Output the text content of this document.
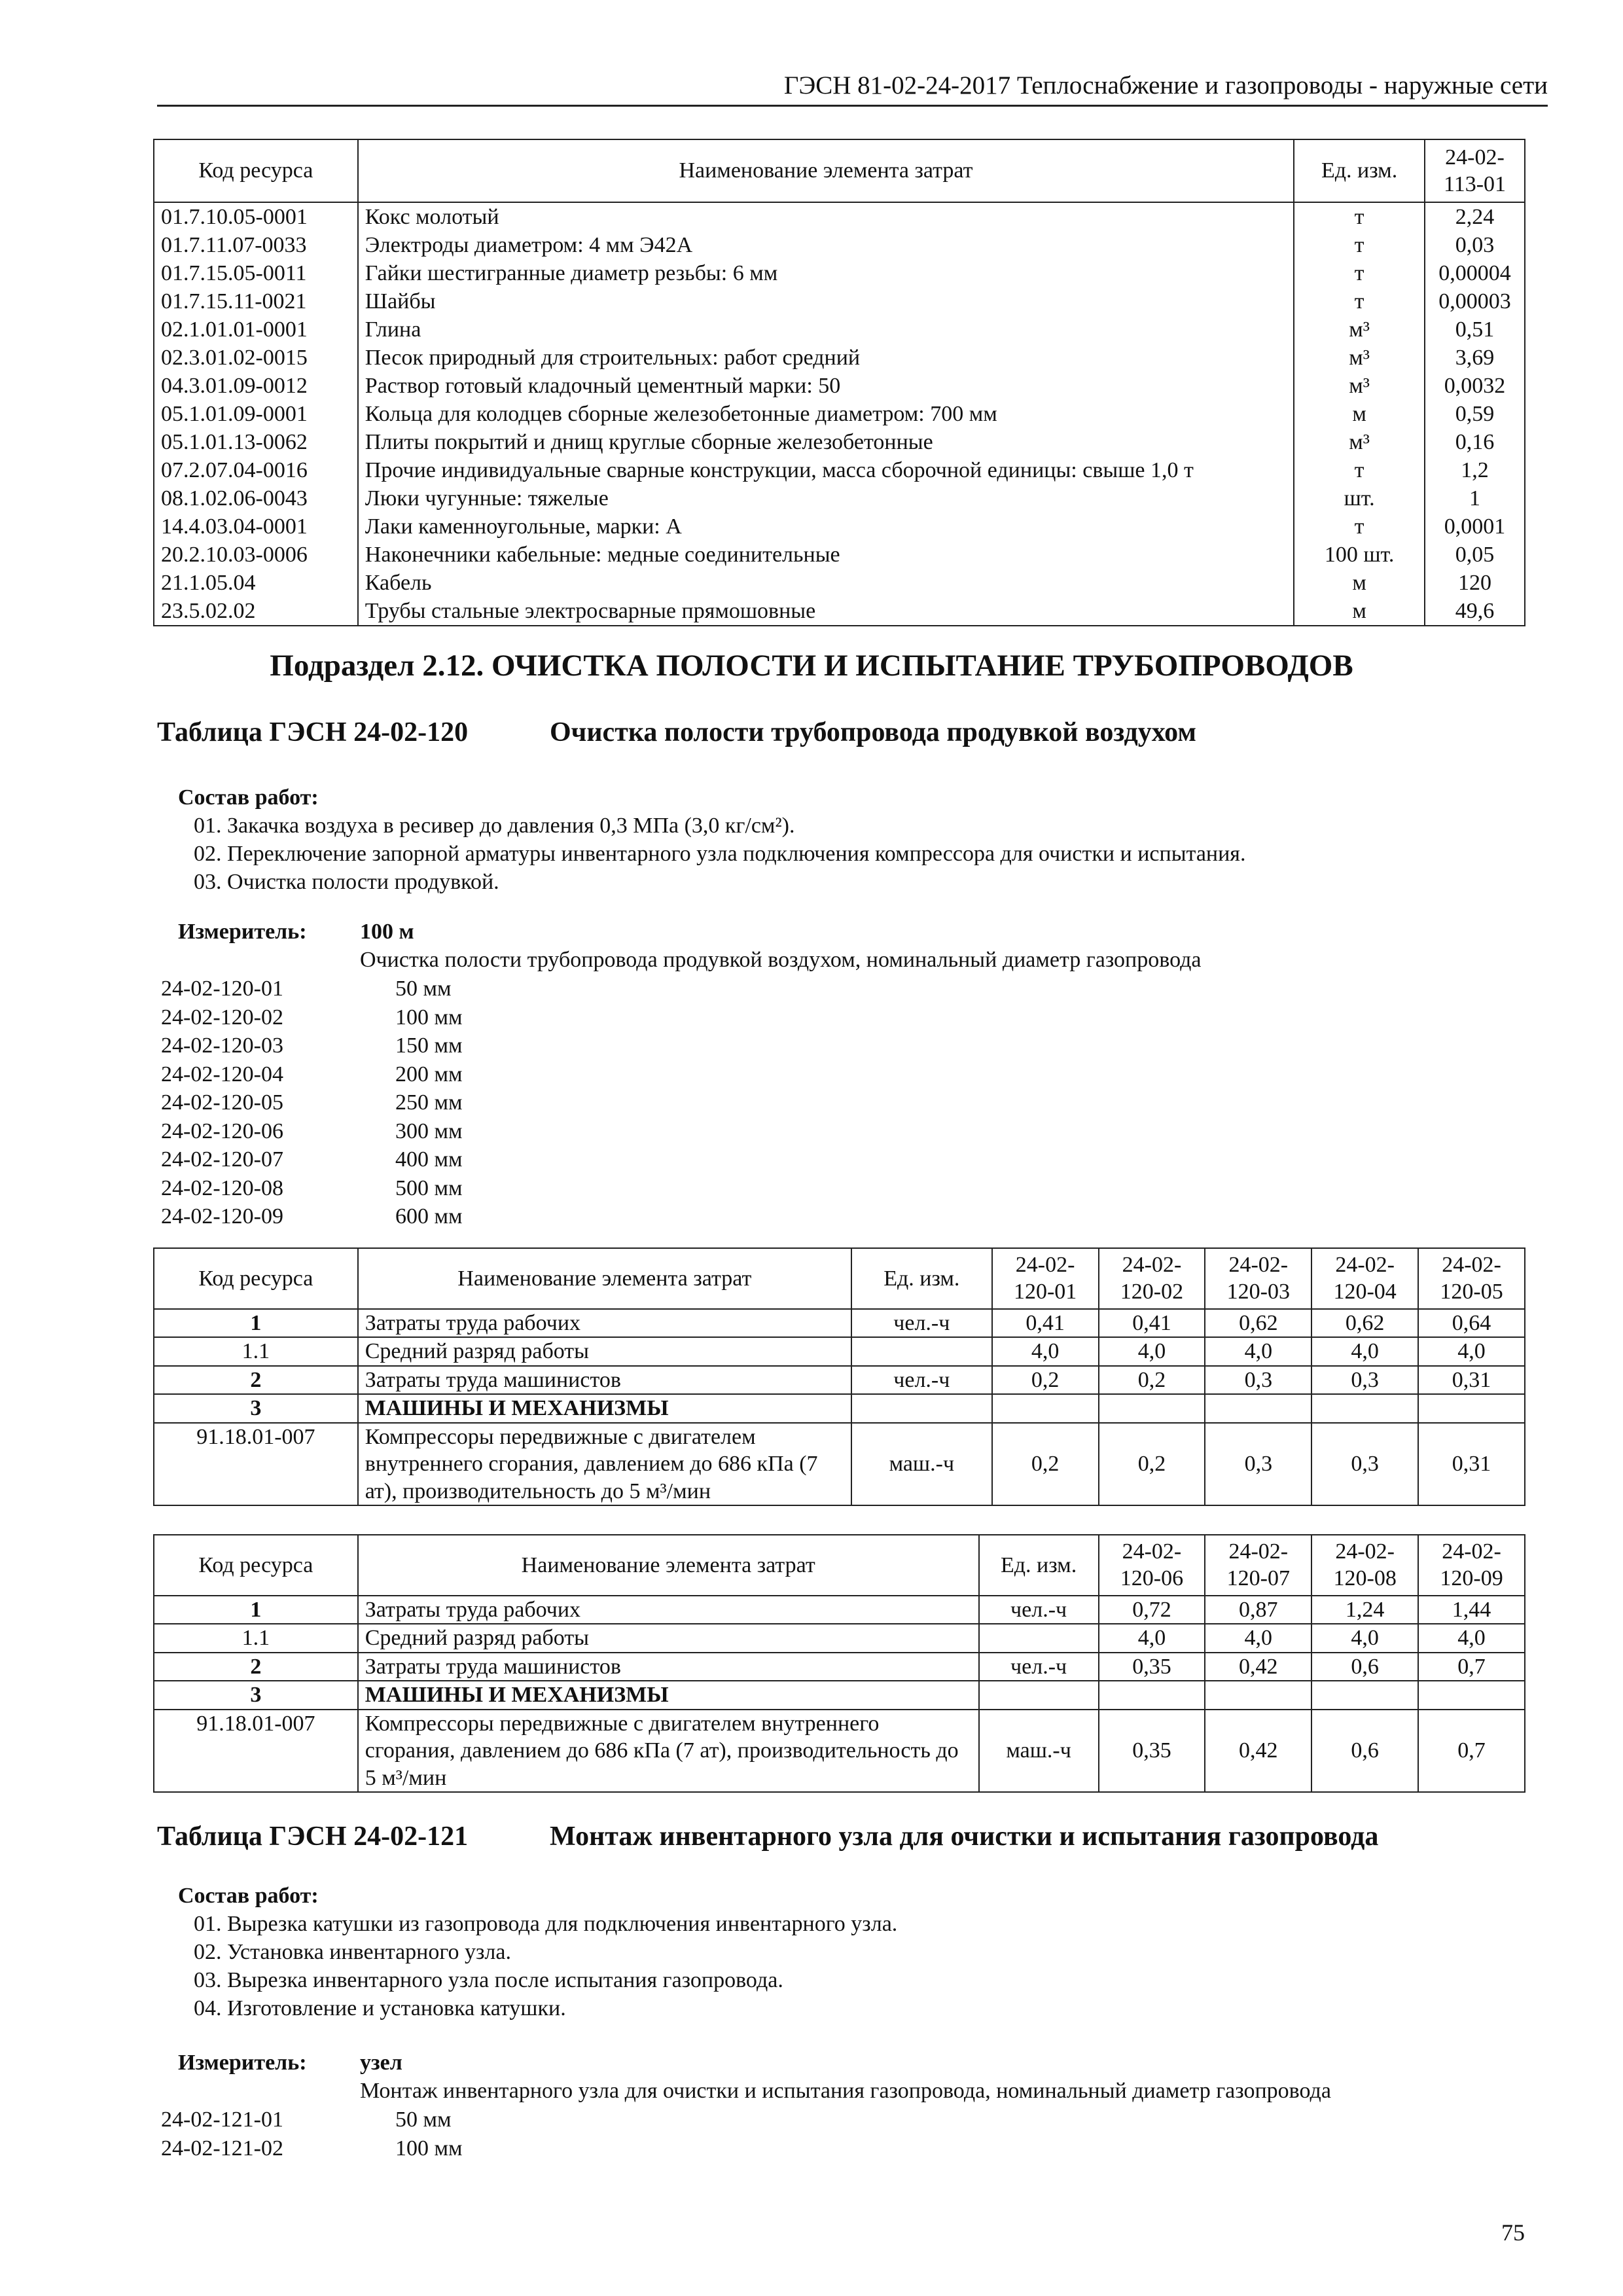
ГЭСН 81-02-24-2017 Теплоснабжение и газопроводы - наружные сети
Код ресурса	Наименование элемента затрат	Ед. изм.	24-02-113-01
01.7.10.05-0001	Кокс молотый	т	2,24
01.7.11.07-0033	Электроды диаметром: 4 мм Э42А	т	0,03
01.7.15.05-0011	Гайки шестигранные диаметр резьбы: 6 мм	т	0,00004
01.7.15.11-0021	Шайбы	т	0,00003
02.1.01.01-0001	Глина	м³	0,51
02.3.01.02-0015	Песок природный для строительных: работ средний	м³	3,69
04.3.01.09-0012	Раствор готовый кладочный цементный марки: 50	м³	0,0032
05.1.01.09-0001	Кольца для колодцев сборные железобетонные диаметром: 700 мм	м	0,59
05.1.01.13-0062	Плиты покрытий и днищ круглые сборные железобетонные	м³	0,16
07.2.07.04-0016	Прочие индивидуальные сварные конструкции, масса сборочной единицы: свыше 1,0 т	т	1,2
08.1.02.06-0043	Люки чугунные: тяжелые	шт.	1
14.4.03.04-0001	Лаки каменноугольные, марки: А	т	0,0001
20.2.10.03-0006	Наконечники кабельные: медные соединительные	100 шт.	0,05
21.1.05.04	Кабель	м	120
23.5.02.02	Трубы стальные электросварные прямошовные	м	49,6
Подраздел 2.12. ОЧИСТКА ПОЛОСТИ И ИСПЫТАНИЕ ТРУБОПРОВОДОВ
Таблица ГЭСН 24-02-120	Очистка полости трубопровода продувкой воздухом
Состав работ:
01. Закачка воздуха в ресивер до давления 0,3 МПа (3,0 кг/см²).
02. Переключение запорной арматуры инвентарного узла подключения компрессора для очистки и испытания.
03. Очистка полости продувкой.
Измеритель: 100 м
Очистка полости трубопровода продувкой воздухом, номинальный диаметр газопровода
24-02-120-01	50 мм
24-02-120-02	100 мм
24-02-120-03	150 мм
24-02-120-04	200 мм
24-02-120-05	250 мм
24-02-120-06	300 мм
24-02-120-07	400 мм
24-02-120-08	500 мм
24-02-120-09	600 мм
Код ресурса	Наименование элемента затрат	Ед. изм.	24-02-120-01	24-02-120-02	24-02-120-03	24-02-120-04	24-02-120-05
1	Затраты труда рабочих	чел.-ч	0,41	0,41	0,62	0,62	0,64
1.1	Средний разряд работы		4,0	4,0	4,0	4,0	4,0
2	Затраты труда машинистов	чел.-ч	0,2	0,2	0,3	0,3	0,31
3	МАШИНЫ И МЕХАНИЗМЫ						
91.18.01-007	Компрессоры передвижные с двигателем внутреннего сгорания, давлением до 686 кПа (7 ат), производительность до 5 м³/мин	маш.-ч	0,2	0,2	0,3	0,3	0,31
Код ресурса	Наименование элемента затрат	Ед. изм.	24-02-120-06	24-02-120-07	24-02-120-08	24-02-120-09
1	Затраты труда рабочих	чел.-ч	0,72	0,87	1,24	1,44
1.1	Средний разряд работы		4,0	4,0	4,0	4,0
2	Затраты труда машинистов	чел.-ч	0,35	0,42	0,6	0,7
3	МАШИНЫ И МЕХАНИЗМЫ					
91.18.01-007	Компрессоры передвижные с двигателем внутреннего сгорания, давлением до 686 кПа (7 ат), производительность до 5 м³/мин	маш.-ч	0,35	0,42	0,6	0,7
Таблица ГЭСН 24-02-121	Монтаж инвентарного узла для очистки и испытания газопровода
Состав работ:
01. Вырезка катушки из газопровода для подключения инвентарного узла.
02. Установка инвентарного узла.
03. Вырезка инвентарного узла после испытания газопровода.
04. Изготовление и установка катушки.
Измеритель: узел
Монтаж инвентарного узла для очистки и испытания газопровода, номинальный диаметр газопровода
24-02-121-01	50 мм
24-02-121-02	100 мм
75
